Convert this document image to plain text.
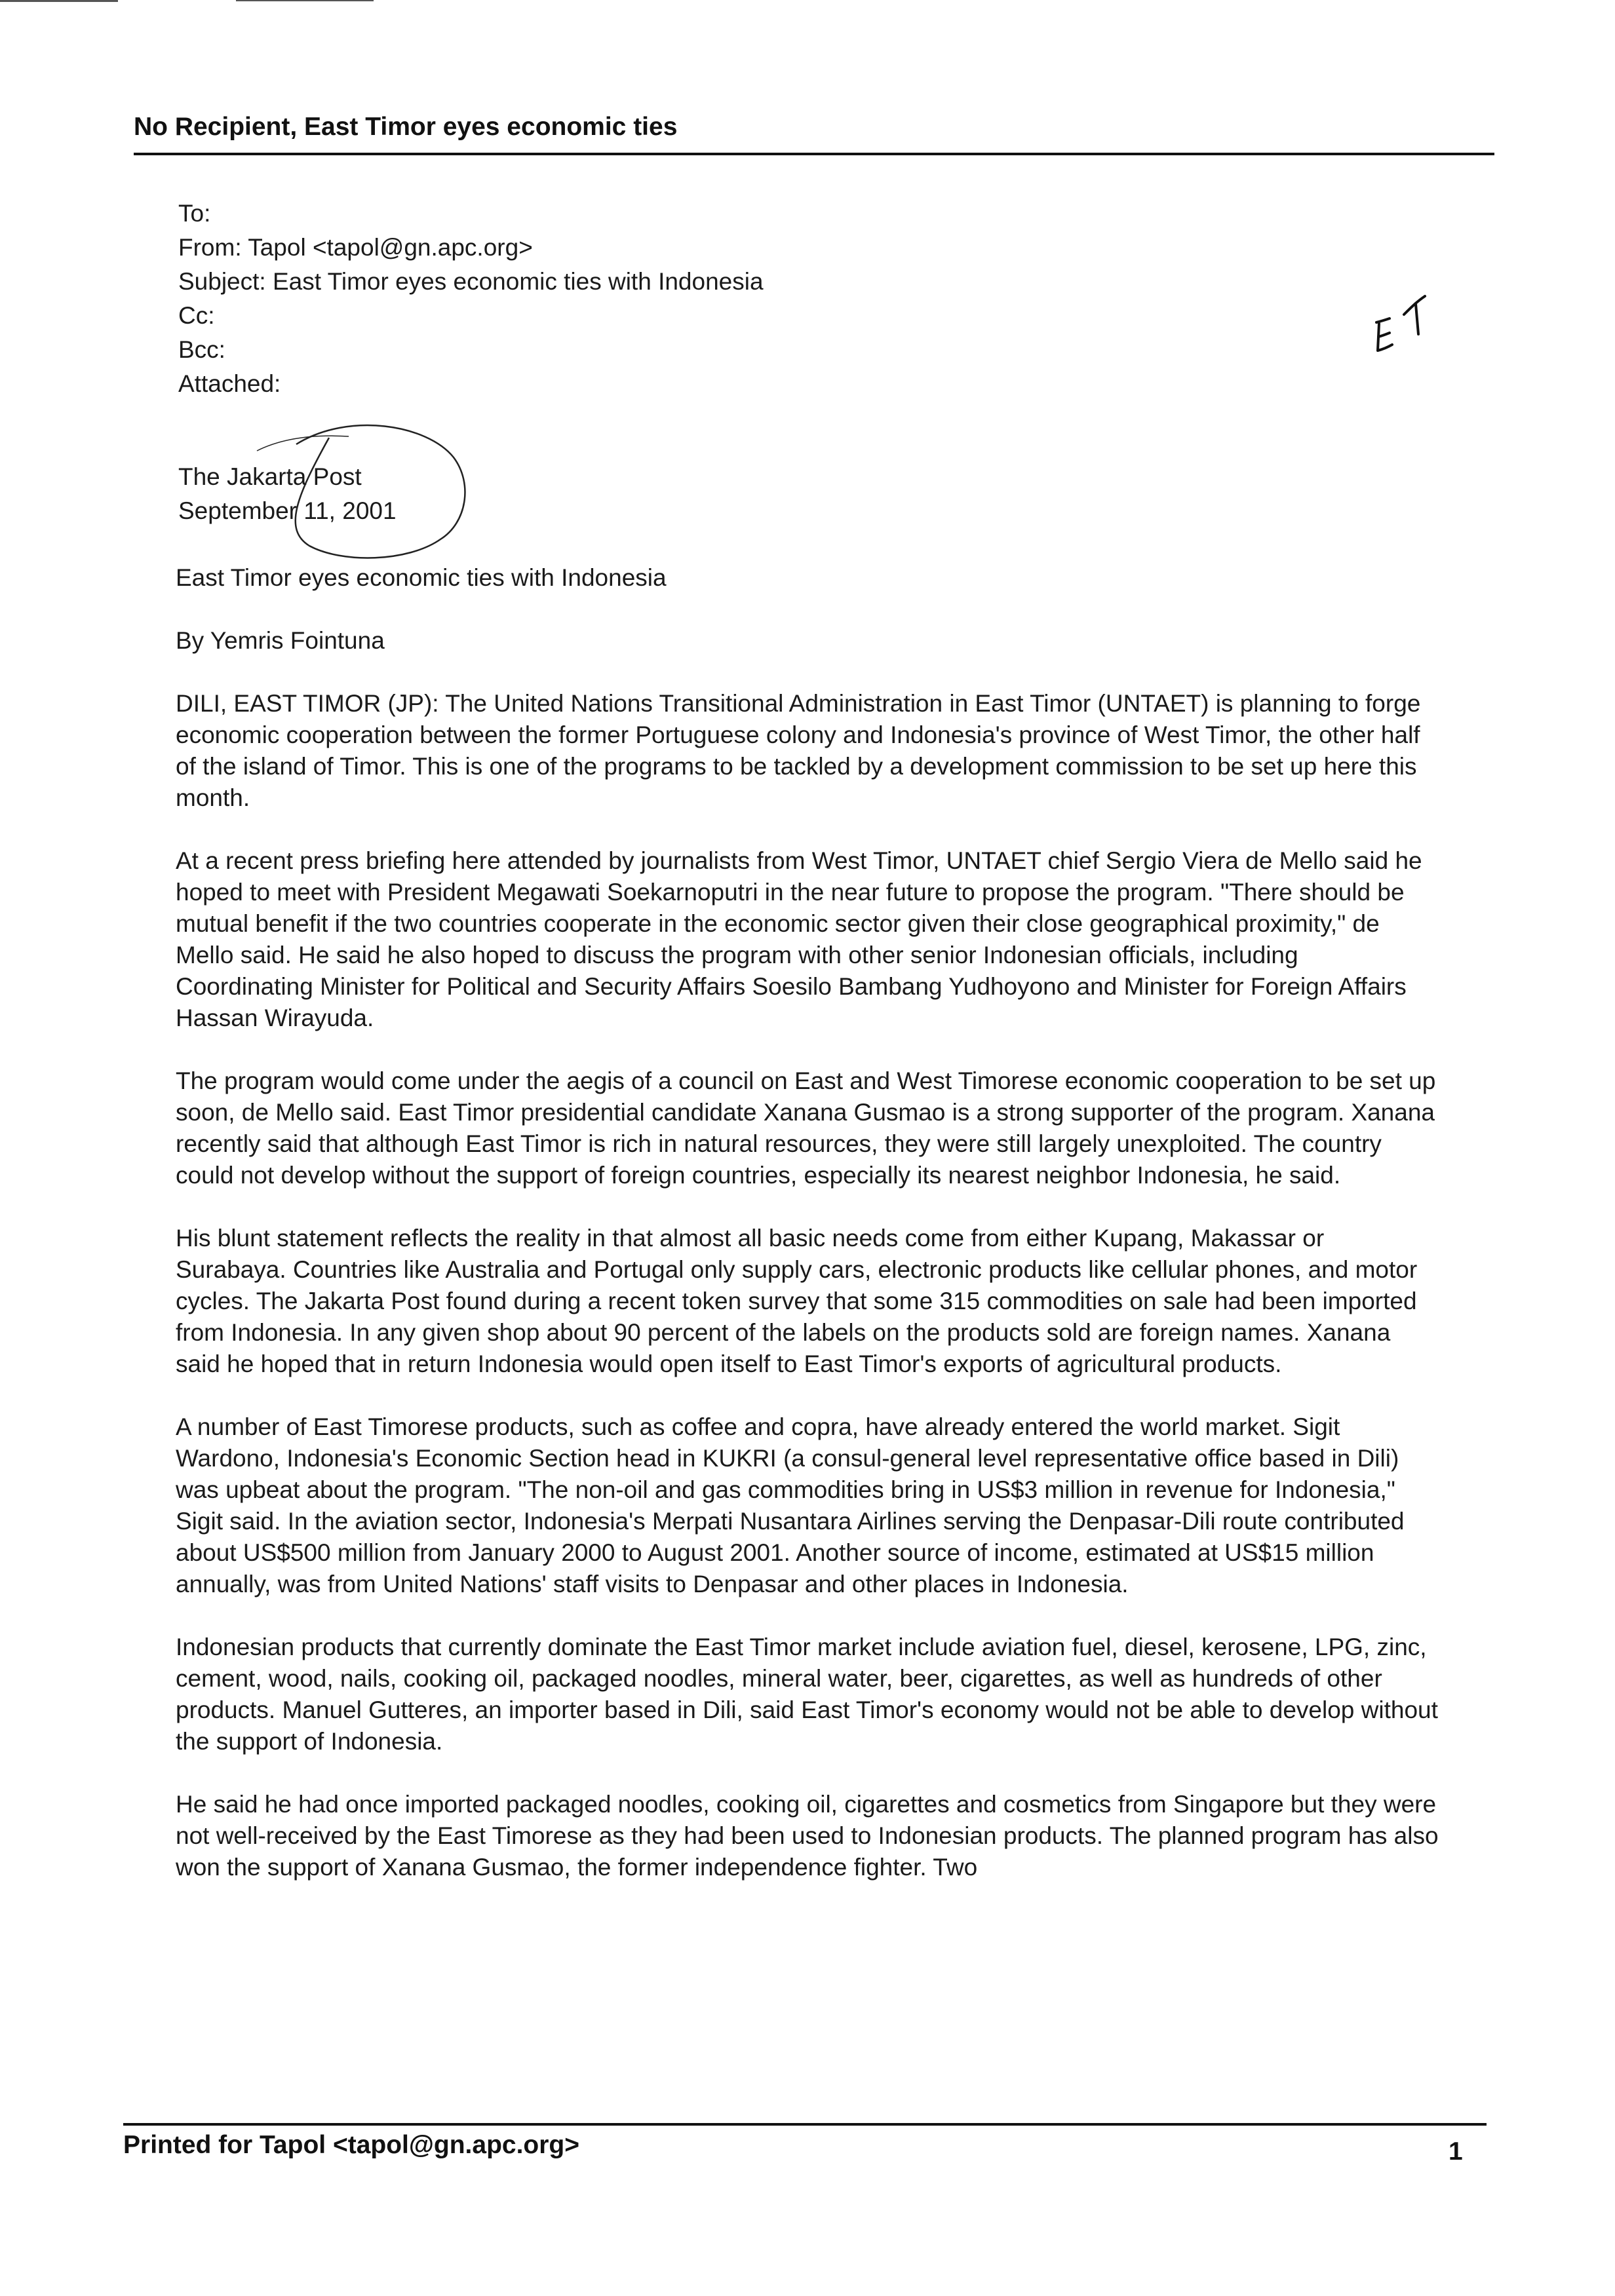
No Recipient, East Timor eyes economic ties
To:
From: Tapol <tapol@gn.apc.org>
Subject: East Timor eyes economic ties with Indonesia
Cc:
Bcc:
Attached:
The Jakarta Post
September 11, 2001

East Timor eyes economic ties with Indonesia

By Yemris Fointuna

DILI, EAST TIMOR (JP): The United Nations Transitional Administration in East Timor (UNTAET) is planning to forge economic cooperation between the former Portuguese colony and Indonesia's province of West Timor, the other half of the island of Timor. This is one of the programs to be tackled by a development commission to be set up here this month.

At a recent press briefing here attended by journalists from West Timor, UNTAET chief Sergio Viera de Mello said he hoped to meet with President Megawati Soekarnoputri in the near future to propose the program. "There should be mutual benefit if the two countries cooperate in the economic sector given their close geographical proximity," de Mello said. He said he also hoped to discuss the program with other senior Indonesian officials, including Coordinating Minister for Political and Security Affairs Soesilo Bambang Yudhoyono and Minister for Foreign Affairs Hassan Wirayuda.

The program would come under the aegis of a council on East and West Timorese economic cooperation to be set up soon, de Mello said. East Timor presidential candidate Xanana Gusmao is a strong supporter of the program. Xanana recently said that although East Timor is rich in natural resources, they were still largely unexploited. The country could not develop without the support of foreign countries, especially its nearest neighbor Indonesia, he said.

His blunt statement reflects the reality in that almost all basic needs come from either Kupang, Makassar or Surabaya. Countries like Australia and Portugal only supply cars, electronic products like cellular phones, and motor cycles. The Jakarta Post found during a recent token survey that some 315 commodities on sale had been imported from Indonesia. In any given shop about 90 percent of the labels on the products sold are foreign names. Xanana said he hoped that in return Indonesia would open itself to East Timor's exports of agricultural products.

A number of East Timorese products, such as coffee and copra, have already entered the world market. Sigit Wardono, Indonesia's Economic Section head in KUKRI (a consul-general level representative office based in Dili) was upbeat about the program. "The non-oil and gas commodities bring in US$3 million in revenue for Indonesia," Sigit said. In the aviation sector, Indonesia's Merpati Nusantara Airlines serving the Denpasar-Dili route contributed about US$500 million from January 2000 to August 2001. Another source of income, estimated at US$15 million annually, was from United Nations' staff visits to Denpasar and other places in Indonesia.

Indonesian products that currently dominate the East Timor market include aviation fuel, diesel, kerosene, LPG, zinc, cement, wood, nails, cooking oil, packaged noodles, mineral water, beer, cigarettes, as well as hundreds of other products. Manuel Gutteres, an importer based in Dili, said East Timor's economy would not be able to develop without the support of Indonesia.

He said he had once imported packaged noodles, cooking oil, cigarettes and cosmetics from Singapore but they were not well-received by the East Timorese as they had been used to Indonesian products. The planned program has also won the support of Xanana Gusmao, the former independence fighter. Two

Printed for Tapol <tapol@gn.apc.org>	1
